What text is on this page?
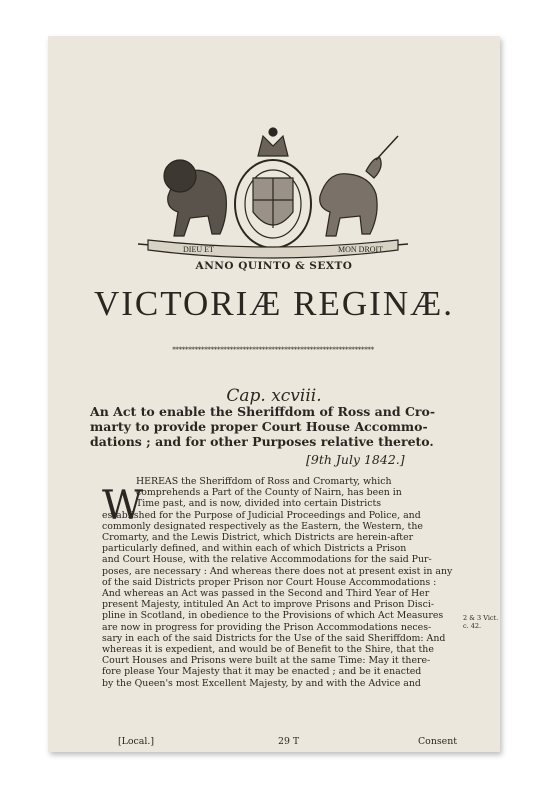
DIEU ET	MON DROIT
ANNO QUINTO & SEXTO
VICTORIÆ REGINÆ.
***************************************************************
Cap. xcviii.
An Act to enable the Sheriffdom of Ross and Cro-
marty to provide proper Court House Accommo-
dations ; and for other Purposes relative thereto.
[9th July 1842.]
W
HEREAS the Sheriffdom of Ross and Cromarty, which
comprehends a Part of the County of Nairn, has been in
Time past, and is now, divided into certain Districts
established for the Purpose of Judicial Proceedings and Police, and
commonly designated respectively as the Eastern, the Western, the
Cromarty, and the Lewis District, which Districts are herein-after
particularly defined, and within each of which Districts a Prison
and Court House, with the relative Accommodations for the said Pur-
poses, are necessary : And whereas there does not at present exist in any
of the said Districts proper Prison nor Court House Accommodations :
And whereas an Act was passed in the Second and Third Year of Her
present Majesty, intituled An Act to improve Prisons and Prison Disci-
pline in Scotland, in obedience to the Provisions of which Act Measures
are now in progress for providing the Prison Accommodations neces-
sary in each of the said Districts for the Use of the said Sheriffdom: And
whereas it is expedient, and would be of Benefit to the Shire, that the
Court Houses and Prisons were built at the same Time: May it there-
fore please Your Majesty that it may be enacted ; and be it enacted
by the Queen's most Excellent Majesty, by and with the Advice and
2 & 3 Vict.
c. 42.
[Local.]	29 T	Consent
